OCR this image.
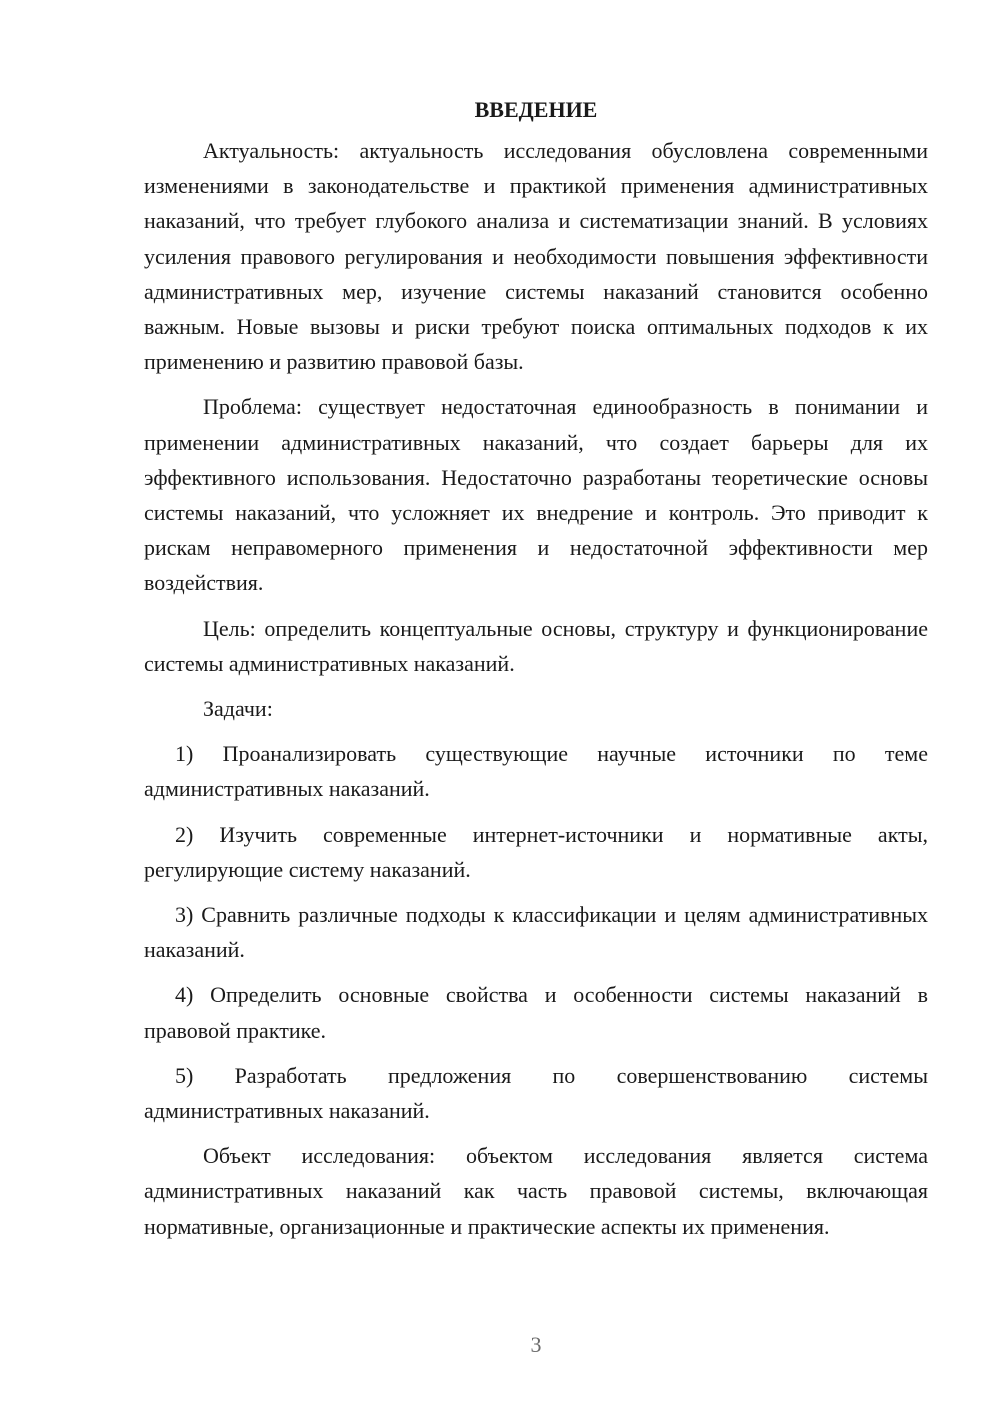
ВВЕДЕНИЕ

Актуальность: актуальность исследования обусловлена современными изменениями в законодательстве и практикой применения административных наказаний, что требует глубокого анализа и систематизации знаний. В условиях усиления правового регулирования и необходимости повышения эффективности административных мер, изучение системы наказаний становится особенно важным. Новые вызовы и риски требуют поиска оптимальных подходов к их применению и развитию правовой базы.

Проблема: существует недостаточная единообразность в понимании и применении административных наказаний, что создает барьеры для их эффективного использования. Недостаточно разработаны теоретические основы системы наказаний, что усложняет их внедрение и контроль. Это приводит к рискам неправомерного применения и недостаточной эффективности мер воздействия.

Цель: определить концептуальные основы, структуру и функционирование системы административных наказаний.

Задачи:

1) Проанализировать существующие научные источники по теме административных наказаний.

2) Изучить современные интернет-источники и нормативные акты, регулирующие систему наказаний.

3) Сравнить различные подходы к классификации и целям административных наказаний.

4) Определить основные свойства и особенности системы наказаний в правовой практике.

5) Разработать предложения по совершенствованию системы административных наказаний.

Объект исследования: объектом исследования является система административных наказаний как часть правовой системы, включающая нормативные, организационные и практические аспекты их применения.

3
